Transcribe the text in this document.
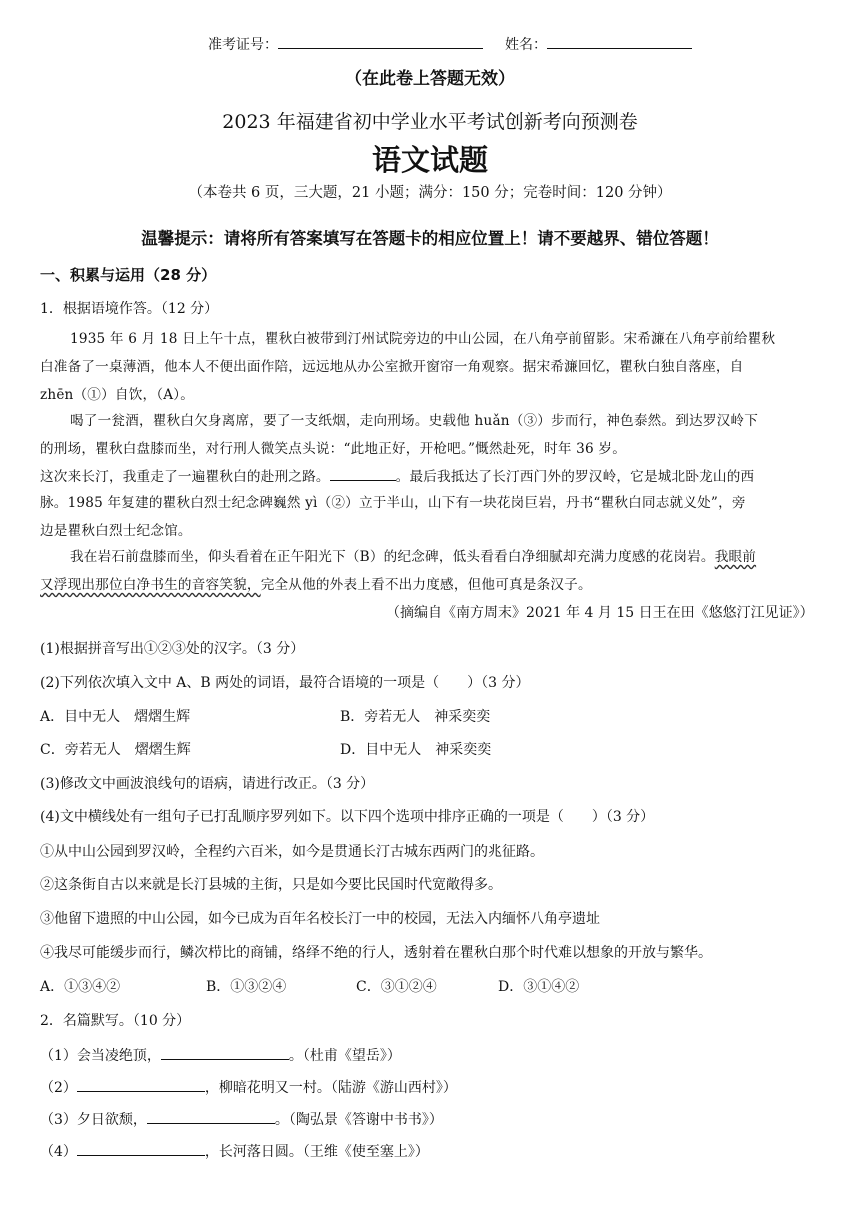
准考证号：	姓名：
（在此卷上答题无效）
2023 年福建省初中学业水平考试创新考向预测卷
语文试题
（本卷共 6 页，三大题，21 小题；满分：150 分；完卷时间：120 分钟）
温馨提示：请将所有答案填写在答题卡的相应位置上！请不要越界、错位答题！
一、积累与运用（28 分）
1．根据语境作答。（12 分）
1935 年 6 月 18 日上午十点，瞿秋白被带到汀州试院旁边的中山公园，在八角亭前留影。宋希濂在八角亭前给瞿秋
白准备了一桌薄酒，他本人不便出面作陪，远远地从办公室掀开窗帘一角观察。据宋希濂回忆，瞿秋白独自落座，自
zhēn（①）自饮，（A）。
喝了一瓮酒，瞿秋白欠身离席，要了一支纸烟，走向刑场。史载他 huǎn（③）步而行，神色泰然。到达罗汉岭下
的刑场，瞿秋白盘膝而坐，对行刑人微笑点头说：“此地正好，开枪吧。”慨然赴死，时年 36 岁。
这次来长汀，我重走了一遍瞿秋白的赴刑之路。	。最后我抵达了长汀西门外的罗汉岭，它是城北卧龙山的西
脉。1985 年复建的瞿秋白烈士纪念碑巍然 yì（②）立于半山，山下有一块花岗巨岩，丹书“瞿秋白同志就义处”，旁
边是瞿秋白烈士纪念馆。
我在岩石前盘膝而坐，仰头看着在正午阳光下（B）的纪念碑，低头看看白净细腻却充满力度感的花岗岩。我眼前
又浮现出那位白净书生的音容笑貌，完全从他的外表上看不出力度感，但他可真是条汉子。
（摘编自《南方周末》2021 年 4 月 15 日王在田《悠悠汀江见证》）
(1)根据拼音写出①②③处的汉字。（3 分）
(2)下列依次填入文中 A、B 两处的词语，最符合语境的一项是（　　）（3 分）
A．目中无人　熠熠生辉	B．旁若无人　神采奕奕
C．旁若无人　熠熠生辉	D．目中无人　神采奕奕
(3)修改文中画波浪线句的语病，请进行改正。（3 分）
(4)文中横线处有一组句子已打乱顺序罗列如下。以下四个选项中排序正确的一项是（　　）（3 分）
①从中山公园到罗汉岭，全程约六百米，如今是贯通长汀古城东西两门的兆征路。
②这条街自古以来就是长汀县城的主街，只是如今要比民国时代宽敞得多。
③他留下遗照的中山公园，如今已成为百年名校长汀一中的校园，无法入内缅怀八角亭遗址
④我尽可能缓步而行，鳞次栉比的商铺，络绎不绝的行人，透射着在瞿秋白那个时代难以想象的开放与繁华。
A．①③④②	B．①③②④	C．③①②④	D．③①④②
2．名篇默写。（10 分）
（1）会当凌绝顶，	。（杜甫《望岳》）
（2）	，柳暗花明又一村。（陆游《游山西村》）
（3）夕日欲颓，	。（陶弘景《答谢中书书》）
（4）	，长河落日圆。（王维《使至塞上》）
